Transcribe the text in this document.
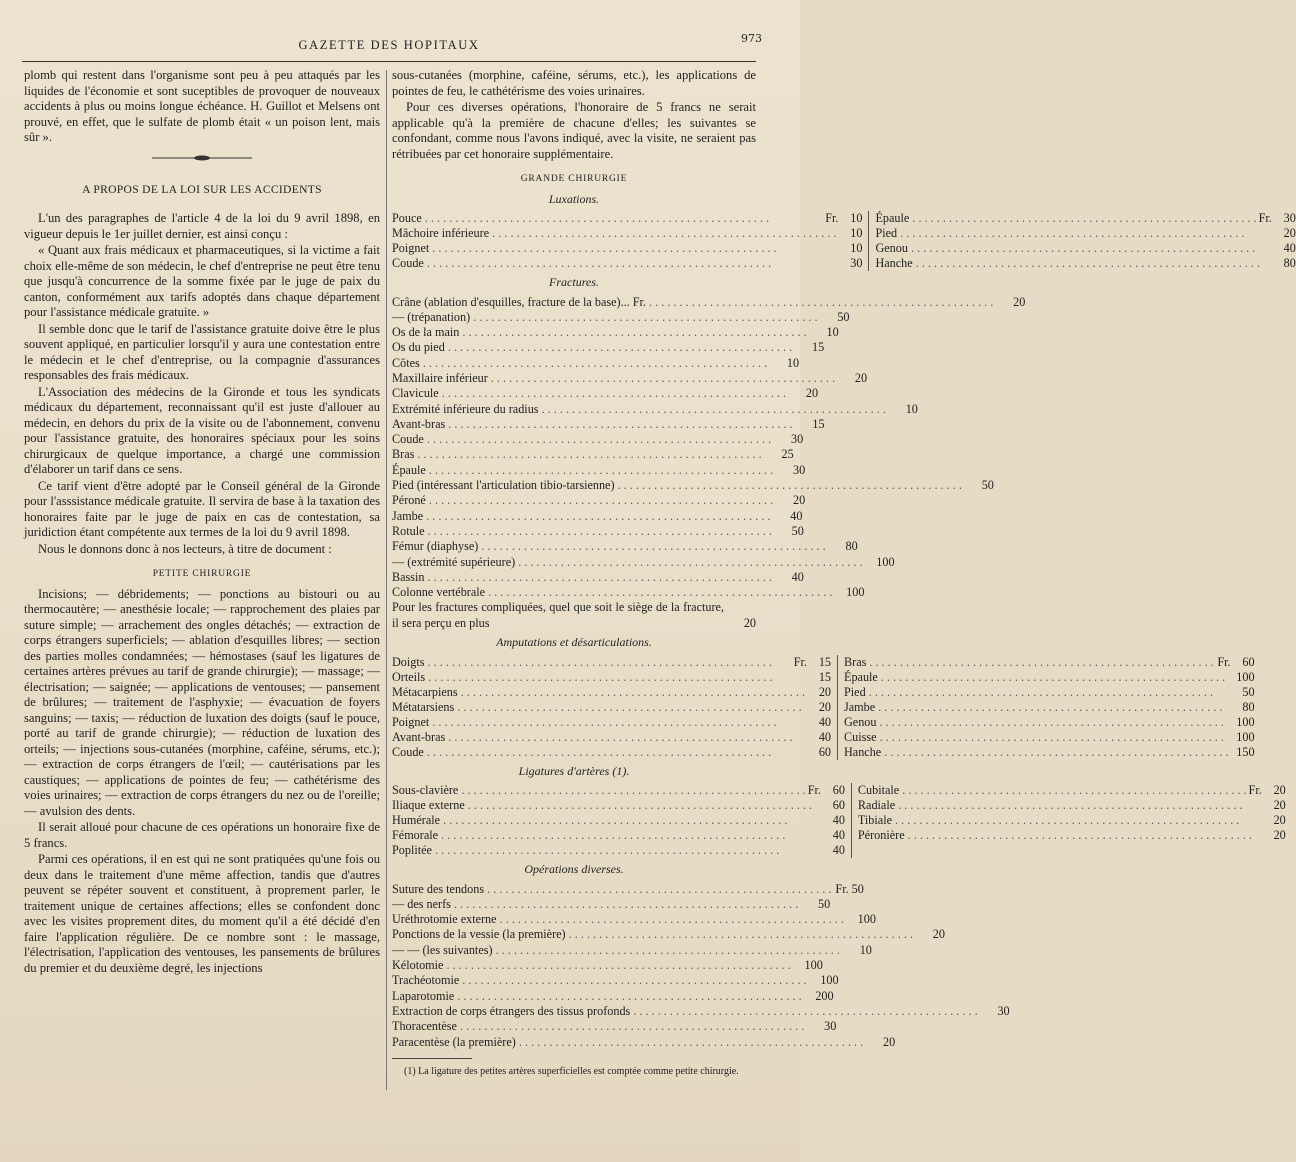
GAZETTE DES HOPITAUX	973

plomb qui restent dans l'organisme sont peu à peu attaqués par les liquides de l'économie et sont suceptibles de provoquer de nouveaux accidents à plus ou moins longue échéance. H. Guillot et Melsens ont prouvé, en effet, que le sulfate de plomb était « un poison lent, mais sûr ».

A PROPOS DE LA LOI SUR LES ACCIDENTS

L'un des paragraphes de l'article 4 de la loi du 9 avril 1898, en vigueur depuis le 1er juillet dernier, est ainsi conçu :

« Quant aux frais médicaux et pharmaceutiques, si la victime a fait choix elle-même de son médecin, le chef d'entreprise ne peut être tenu que jusqu'à concurrence de la somme fixée par le juge de paix du canton, conformément aux tarifs adoptés dans chaque département pour l'assistance médicale gratuite. »

Il semble donc que le tarif de l'assistance gratuite doive être le plus souvent appliqué, en particulier lorsqu'il y aura une contestation entre le médecin et le chef d'entreprise, ou la compagnie d'assurances responsables des frais médicaux.

L'Association des médecins de la Gironde et tous les syndicats médicaux du département, reconnaissant qu'il est juste d'allouer au médecin, en dehors du prix de la visite ou de l'abonnement, convenu pour l'assistance gratuite, des honoraires spéciaux pour les soins chirurgicaux de quelque importance, a chargé une commission d'élaborer un tarif dans ce sens.

Ce tarif vient d'être adopté par le Conseil général de la Gironde pour l'asssistance médicale gratuite. Il servira de base à la taxation des honoraires faite par le juge de paix en cas de contestation, sa juridiction étant compétente aux termes de la loi du 9 avril 1898.

Nous le donnons donc à nos lecteurs, à titre de document :

PETITE CHIRURGIE

Incisions; — débridements; — ponctions au bistouri ou au thermocautère; — anesthésie locale; — rapprochement des plaies par suture simple; — arrachement des ongles détachés; — extraction de corps étrangers superficiels; — ablation d'esquilles libres; — section des parties molles condamnées; — hémostases (sauf les ligatures de certaines artères prévues au tarif de grande chirurgie); — massage; — électrisation; — saignée; — applications de ventouses; — pansement de brûlures; — traitement de l'asphyxie; — évacuation de foyers sanguins; — taxis; — réduction de luxation des doigts (sauf le pouce, porté au tarif de grande chirurgie); — réduction de luxation des orteils; — injections sous-cutanées (morphine, caféine, sérums, etc.); — extraction de corps étrangers de l'œil; — cautérisations par les caustiques; — applications de pointes de feu; — cathétérisme des voies urinaires; — extraction de corps étrangers du nez ou de l'oreille; — avulsion des dents.

Il serait alloué pour chacune de ces opérations un honoraire fixe de 5 francs.

Parmi ces opérations, il en est qui ne sont pratiquées qu'une fois ou deux dans le traitement d'une même affection, tandis que d'autres peuvent se répéter souvent et constituent, à proprement parler, le traitement unique de certaines affections; elles se confondent donc avec les visites proprement dites, du moment qu'il a été décidé d'en faire l'application régulière. De ce nombre sont : le massage, l'électrisation, l'application des ventouses, les pansements de brûlures du premier et du deuxième degré, les injections

sous-cutanées (morphine, caféine, sérums, etc.), les applications de pointes de feu, le cathétérisme des voies urinaires.

Pour ces diverses opérations, l'honoraire de 5 francs ne serait applicable qu'à la première de chacune d'elles; les suivantes se confondant, comme nous l'avons indiqué, avec la visite, ne seraient pas rétribuées par cet honoraire supplémentaire.

GRANDE CHIRURGIE
Luxations.
Pouce . . .	Fr. 10
Mâchoire inférieure . . .	10
Poignet . . .	10
Coude . . .	30
Épaule . . .	Fr. 30
Pied . . .	20
Genou . . .	40
Hanche . . .	80
Fractures.
Crâne (ablation d'esquilles, fracture de la base)... Fr. . . .	20
— (trépanation) . . .	50
Os de la main . . .	10
Os du pied . . .	15
Côtes . . .	10
Maxillaire inférieur . . .	20
Clavicule . . .	20
Extrémité inférieure du radius . . .	10
Avant-bras . . .	15
Coude . . .	30
Bras . . .	25
Épaule . . .	30
Pied (intéressant l'articulation tibio-tarsienne) . . .	50
Péroné . . .	20
Jambe . . .	40
Rotule . . .	50
Fémur (diaphyse) . . .	80
— (extrémité supérieure) . . .	100
Bassin . . .	40
Colonne vertébrale . . .	100
Pour les fractures compliquées, quel que soit le siège de la fracture, il sera perçu en plus	20
Amputations et désarticulations.
Doigts . . .	Fr. 15
Orteils . . .	15
Métacarpiens . . .	20
Métatarsiens . . .	20
Poignet . . .	40
Avant-bras . . .	40
Coude . . .	60
Bras . . .	Fr. 60
Épaule . . .	100
Pied . . .	50
Jambe . . .	80
Genou . . .	100
Cuisse . . .	100
Hanche . . .	150
Ligatures d'artères (1).
Sous-clavière . . .	Fr. 60
Iliaque externe . . .	60
Humérale . . .	40
Fémorale . . .	40
Poplitée . . .	40
Cubitale . . .	Fr. 20
Radiale . . .	20
Tibiale . . .	20
Péronière . . .	20
Opérations diverses.
Suture des tendons . . .	Fr. 50
— des nerfs . . .	50
Uréthrotomie externe . . .	100
Ponctions de la vessie (la première) . . .	20
— — (les suivantes) . . .	10
Kélotomie . . .	100
Trachéotomie . . .	100
Laparotomie . . .	200
Extraction de corps étrangers des tissus profonds . . .	30
Thoracentèse . . .	30
Paracentèse (la première) . . .	20
(1) La ligature des petites artères superficielles est comptée comme petite chirurgie.
